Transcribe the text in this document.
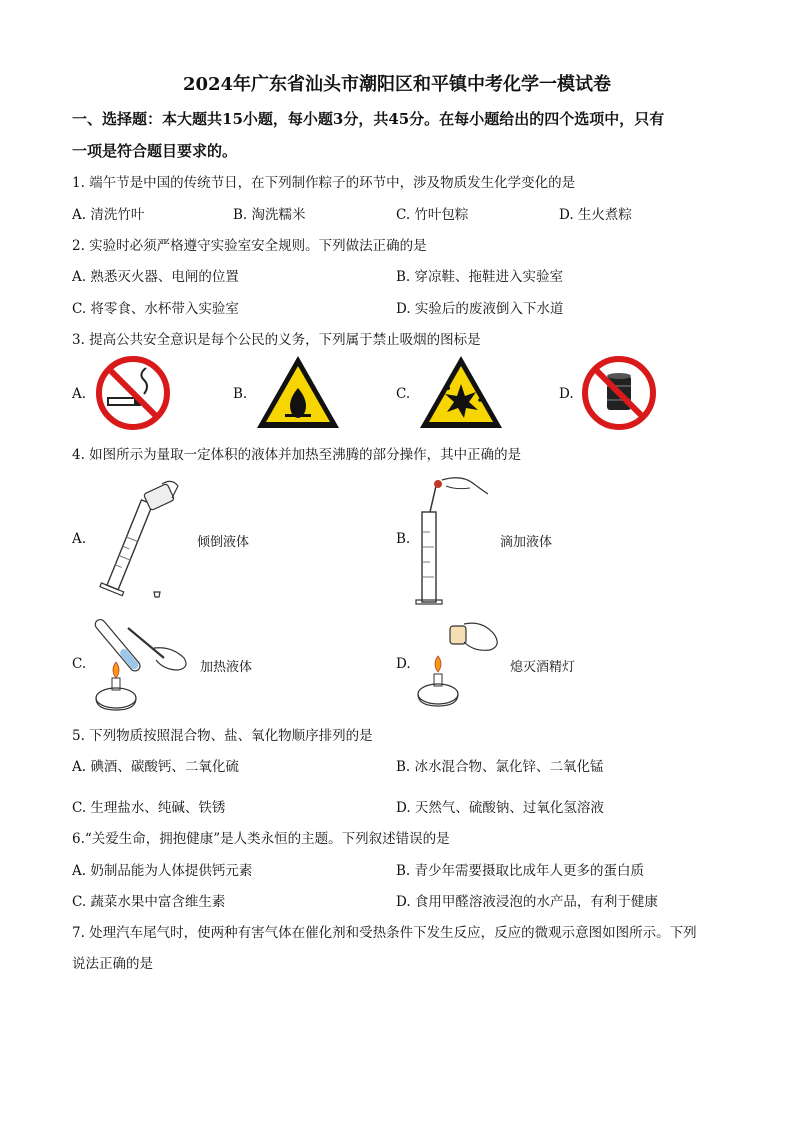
2024年广东省汕头市潮阳区和平镇中考化学一模试卷
一、选择题：本大题共15小题，每小题3分，共45分。在每小题给出的四个选项中，只有
一项是符合题目要求的。
1. 端午节是中国的传统节日，在下列制作粽子的环节中，涉及物质发生化学变化的是
A. 清洗竹叶	B. 淘洗糯米	C. 竹叶包粽	D. 生火煮粽
2. 实验时必须严格遵守实验室安全规则。下列做法正确的是
A. 熟悉灭火器、电闸的位置	B. 穿凉鞋、拖鞋进入实验室
C. 将零食、水杯带入实验室	D. 实验后的废液倒入下水道
3. 提高公共安全意识是每个公民的义务，下列属于禁止吸烟的图标是
A.	B.	C.	D.
4. 如图所示为量取一定体积的液体并加热至沸腾的部分操作，其中正确的是
A.	倾倒液体	B.	滴加液体
C.	加热液体	D.	熄灭酒精灯
5. 下列物质按照混合物、盐、氧化物顺序排列的是
A. 碘酒、碳酸钙、二氧化硫	B. 冰水混合物、氯化锌、二氧化锰
C. 生理盐水、纯碱、铁锈	D. 天然气、硫酸钠、过氧化氢溶液
6.“关爱生命，拥抱健康”是人类永恒的主题。下列叙述错误的是
A. 奶制品能为人体提供钙元素	B. 青少年需要摄取比成年人更多的蛋白质
C. 蔬菜水果中富含维生素	D. 食用甲醛溶液浸泡的水产品，有利于健康
7. 处理汽车尾气时，使两种有害气体在催化剂和受热条件下发生反应，反应的微观示意图如图所示。下列
说法正确的是
